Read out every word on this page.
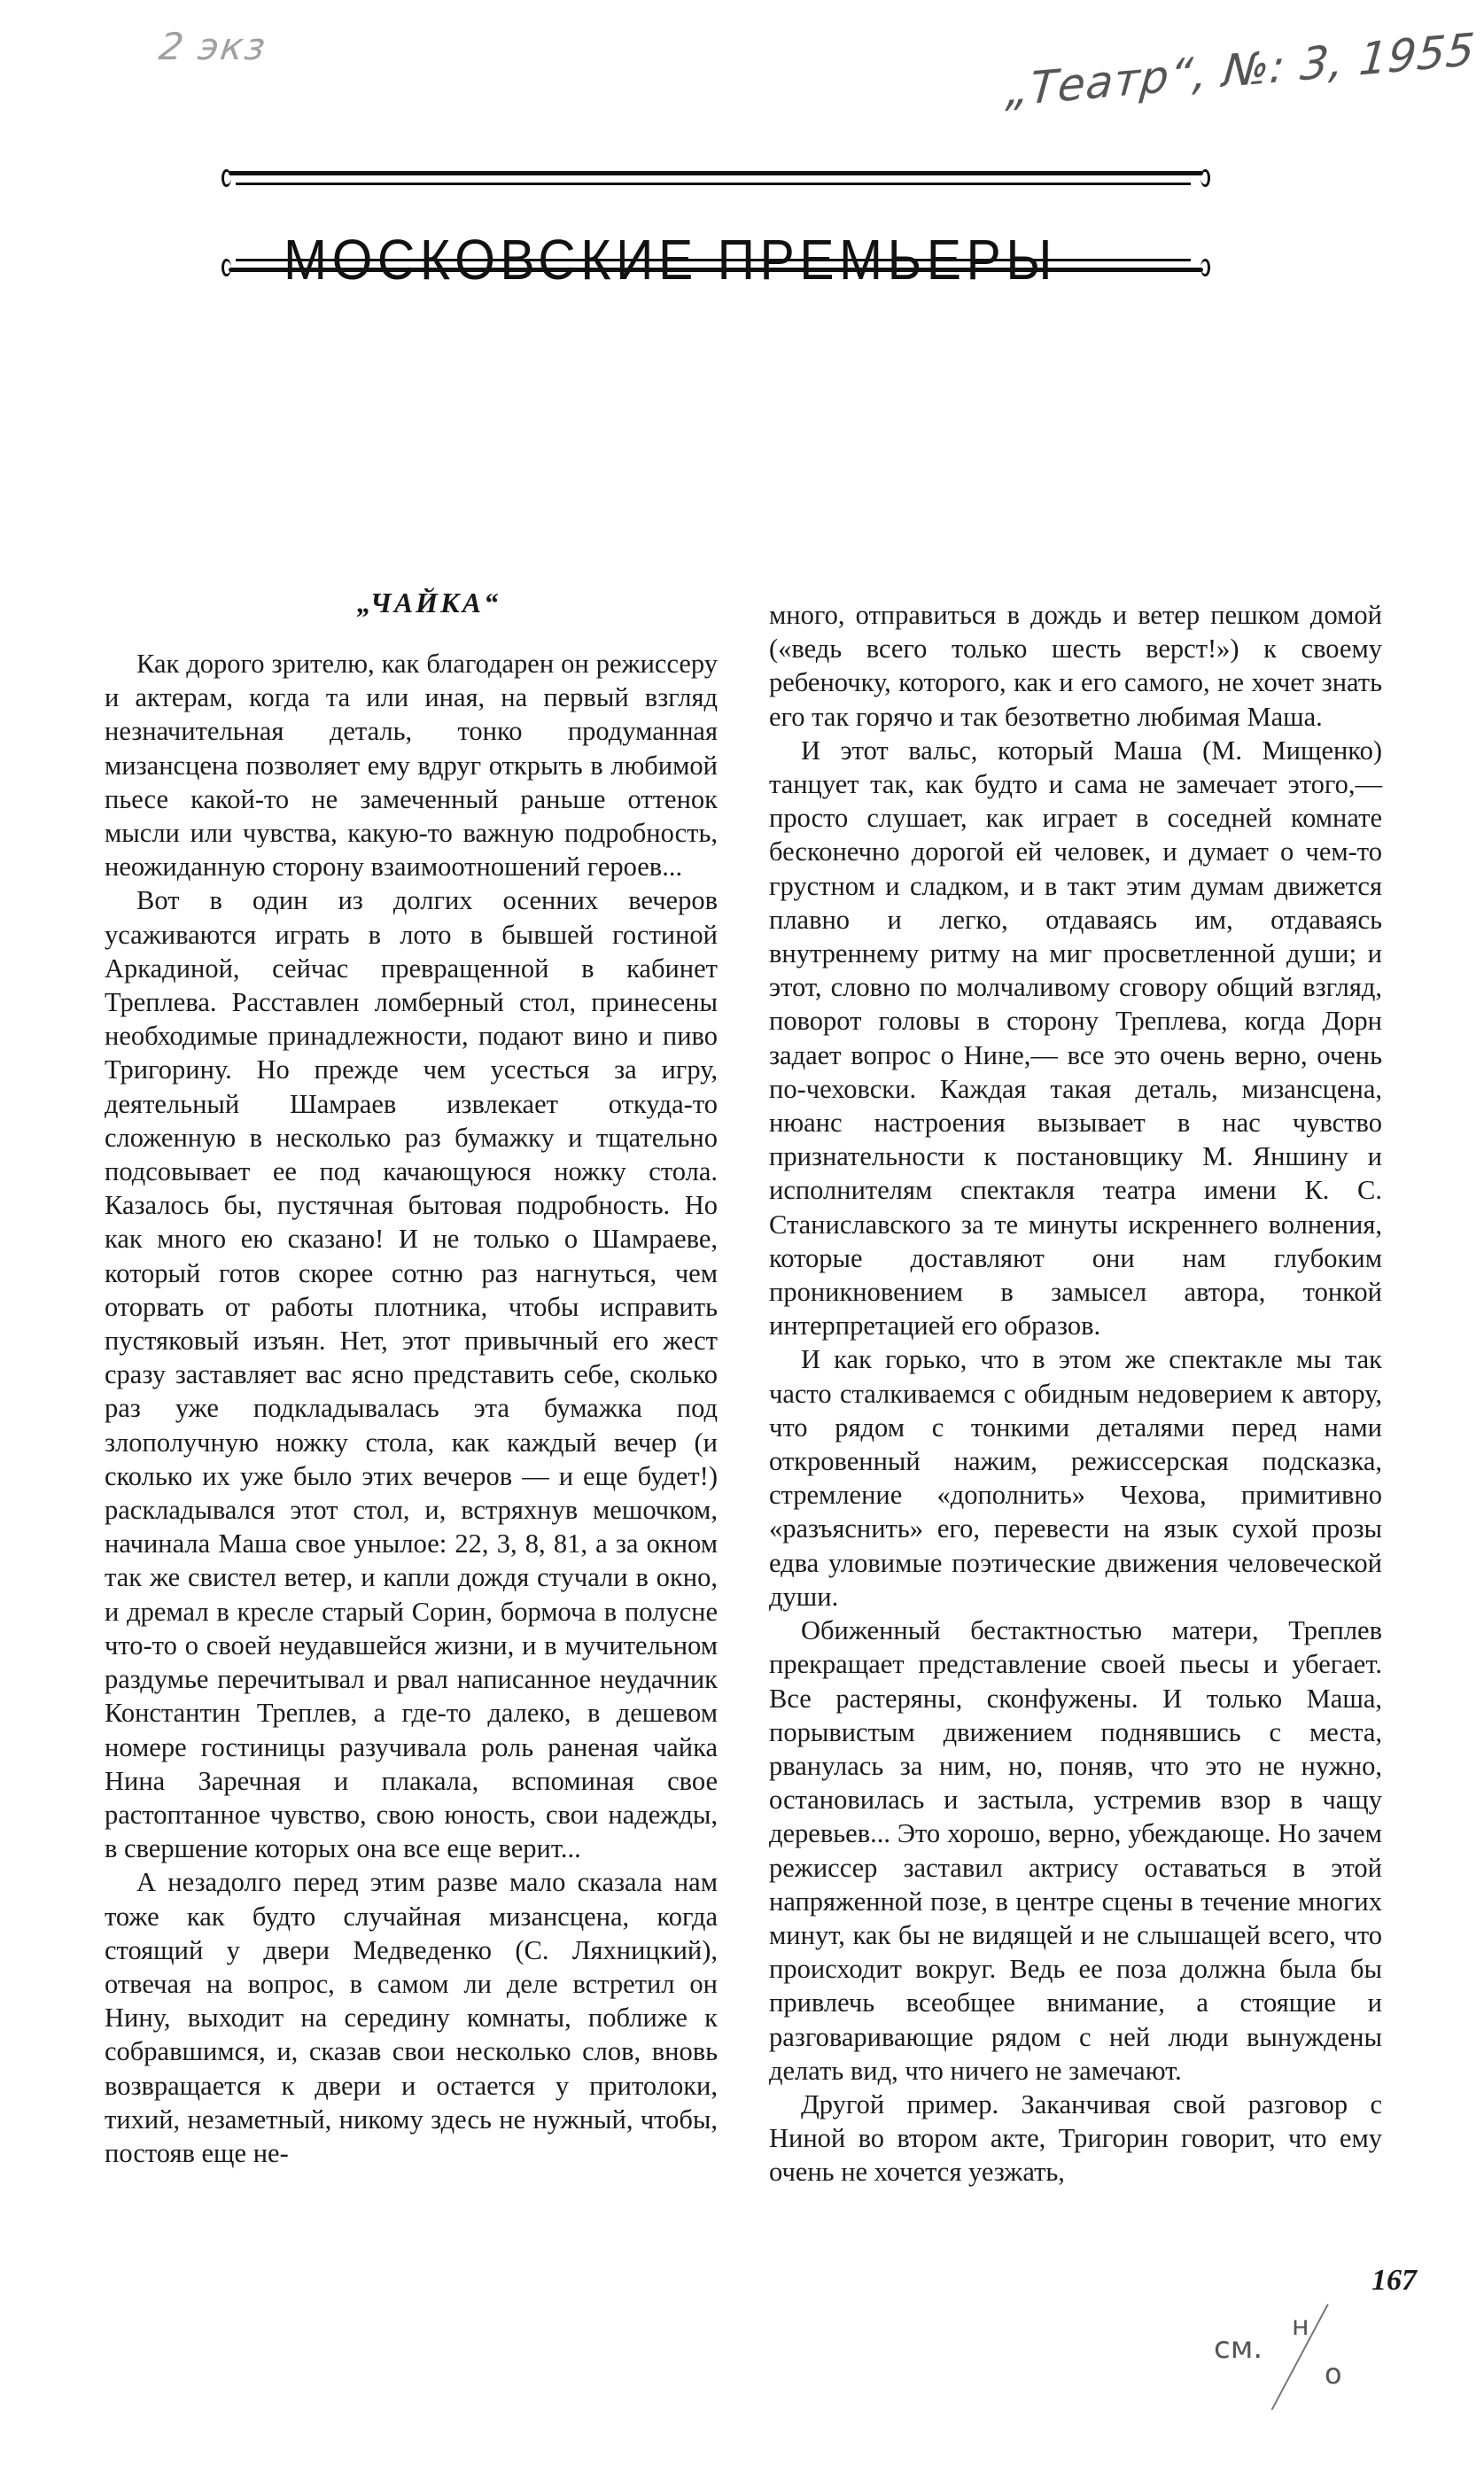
2 экз	„Театр“, №: 3, 1955
„ЧАЙКА“

Как дорого зрителю, как благодарен он режиссеру и актерам, когда та или иная, на первый взгляд незначительная деталь, тонко продуманная мизансцена позволяет ему вдруг открыть в любимой пьесе какой-то не замеченный раньше оттенок мысли или чувства, какую-то важную подробность, неожиданную сторону взаимоотношений героев...

Вот в один из долгих осенних вечеров усаживаются играть в лото в бывшей гостиной Аркадиной, сейчас превращенной в кабинет Треплева. Расставлен ломберный стол, принесены необходимые принадлежности, подают вино и пиво Тригорину. Но прежде чем усесться за игру, деятельный Шамраев извлекает откуда-то сложенную в несколько раз бумажку и тщательно подсовывает ее под качающуюся ножку стола. Казалось бы, пустячная бытовая подробность. Но как много ею сказано! И не только о Шамраеве, который готов скорее сотню раз нагнуться, чем оторвать от работы плотника, чтобы исправить пустяковый изъян. Нет, этот привычный его жест сразу заставляет вас ясно представить себе, сколько раз уже подкладывалась эта бумажка под злополучную ножку стола, как каждый вечер (и сколько их уже было этих вечеров — и еще будет!) раскладывался этот стол, и, встряхнув мешочком, начинала Маша свое унылое: 22, 3, 8, 81, а за окном так же свистел ветер, и капли дождя стучали в окно, и дремал в кресле старый Сорин, бормоча в полусне что-то о своей неудавшейся жизни, и в мучительном раздумье перечитывал и рвал написанное неудачник Константин Треплев, а где-то далеко, в дешевом номере гостиницы разучивала роль раненая чайка Нина Заречная и плакала, вспоминая свое растоптанное чувство, свою юность, свои надежды, в свершение которых она все еще верит...

А незадолго перед этим разве мало сказала нам тоже как будто случайная мизансцена, когда стоящий у двери Медведенко (С. Ляхницкий), отвечая на вопрос, в самом ли деле встретил он Нину, выходит на середину комнаты, поближе к собравшимся, и, сказав свои несколько слов, вновь возвращается к двери и остается у притолоки, тихий, незаметный, никому здесь не нужный, чтобы, постояв еще не-

много, отправиться в дождь и ветер пешком домой («ведь всего только шесть верст!») к своему ребеночку, которого, как и его самого, не хочет знать его так горячо и так безответно любимая Маша.

И этот вальс, который Маша (М. Мищенко) танцует так, как будто и сама не замечает этого,— просто слушает, как играет в соседней комнате бесконечно дорогой ей человек, и думает о чем-то грустном и сладком, и в такт этим думам движется плавно и легко, отдаваясь им, отдаваясь внутреннему ритму на миг просветленной души; и этот, словно по молчаливому сговору общий взгляд, поворот головы в сторону Треплева, когда Дорн задает вопрос о Нине,— все это очень верно, очень по-чеховски. Каждая такая деталь, мизансцена, нюанс настроения вызывает в нас чувство признательности к постановщику М. Яншину и исполнителям спектакля театра имени К. С. Станиславского за те минуты искреннего волнения, которые доставляют они нам глубоким проникновением в замысел автора, тонкой интерпретацией его образов.

И как горько, что в этом же спектакле мы так часто сталкиваемся с обидным недоверием к автору, что рядом с тонкими деталями перед нами откровенный нажим, режиссерская подсказка, стремление «дополнить» Чехова, примитивно «разъяснить» его, перевести на язык сухой прозы едва уловимые поэтические движения человеческой души.

Обиженный бестактностью матери, Треплев прекращает представление своей пьесы и убегает. Все растеряны, сконфужены. И только Маша, порывистым движением поднявшись с места, рванулась за ним, но, поняв, что это не нужно, остановилась и застыла, устремив взор в чащу деревьев... Это хорошо, верно, убеждающе. Но зачем режиссер заставил актрису оставаться в этой напряженной позе, в центре сцены в течение многих минут, как бы не видящей и не слышащей всего, что происходит вокруг. Ведь ее поза должна была бы привлечь всеобщее внимание, а стоящие и разговаривающие рядом с ней люди вынуждены делать вид, что ничего не замечают.

Другой пример. Заканчивая свой разговор с Ниной во втором акте, Тригорин говорит, что ему очень не хочется уезжать,

167
см.
н
о
